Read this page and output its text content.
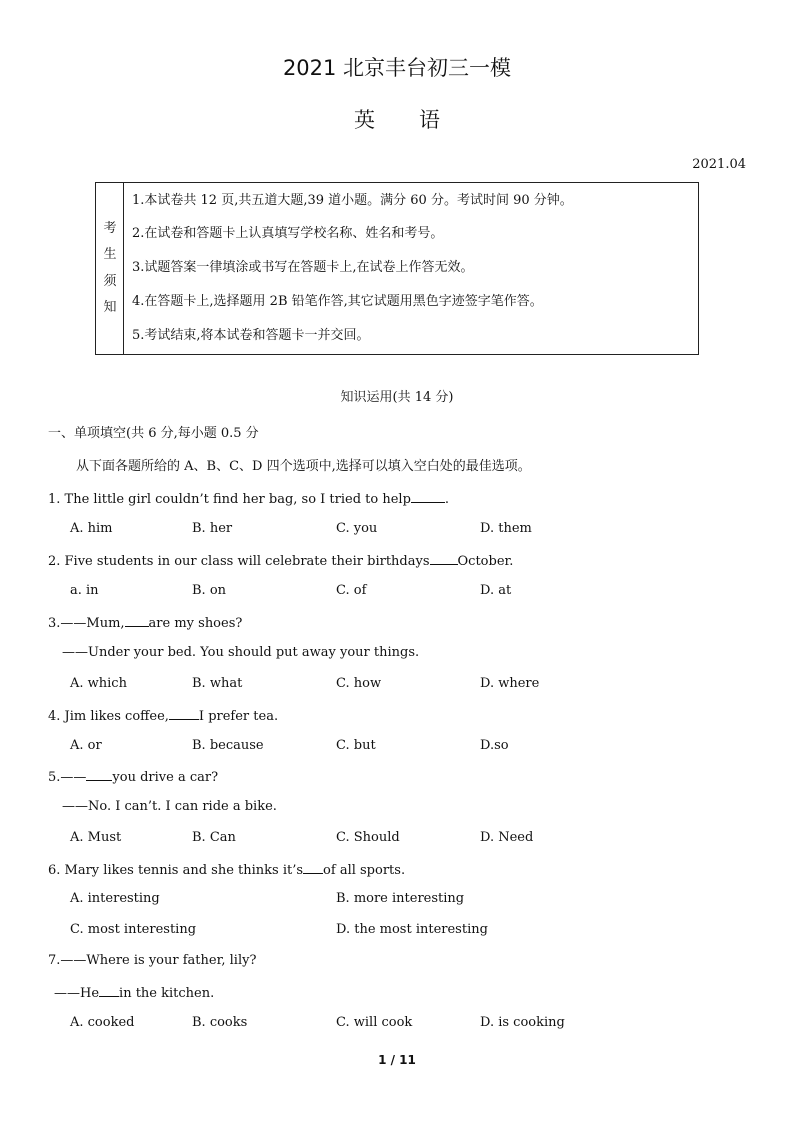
2021 北京丰台初三一模
英语
2021.04
考
生
须
知
1.本试卷共 12 页,共五道大题,39 道小题。满分 60 分。考试时间 90 分钟。
2.在试卷和答题卡上认真填写学校名称、姓名和考号。
3.试题答案一律填涂或书写在答题卡上,在试卷上作答无效。
4.在答题卡上,选择题用 2B 铅笔作答,其它试题用黑色字迹签字笔作答。
5.考试结束,将本试卷和答题卡一并交回。
知识运用(共 14 分)
一、单项填空(共 6 分,每小题 0.5 分
从下面各题所给的 A、B、C、D 四个选项中,选择可以填入空白处的最佳选项。
1. The little girl couldn’t find her bag, so I tried to help	.
A. him	B. her	C. you	D. them
2. Five students in our class will celebrate their birthdays October.
a. in	B. on	C. of	D. at
3.——Mum, are my shoes?
——Under your bed. You should put away your things.
A. which	B. what	C. how	D. where
4. Jim likes coffee, I prefer tea.
A. or	B. because	C. but	D.so
5.—— you drive a car?
——No. I can’t. I can ride a bike.
A. Must	B. Can	C. Should	D. Need
6. Mary likes tennis and she thinks it’s of all sports.
A. interesting	B. more interesting
C. most interesting	D. the most interesting
7.——Where is your father, lily?
——He in the kitchen.
A. cooked	B. cooks	C. will cook	D. is cooking
1 / 11
